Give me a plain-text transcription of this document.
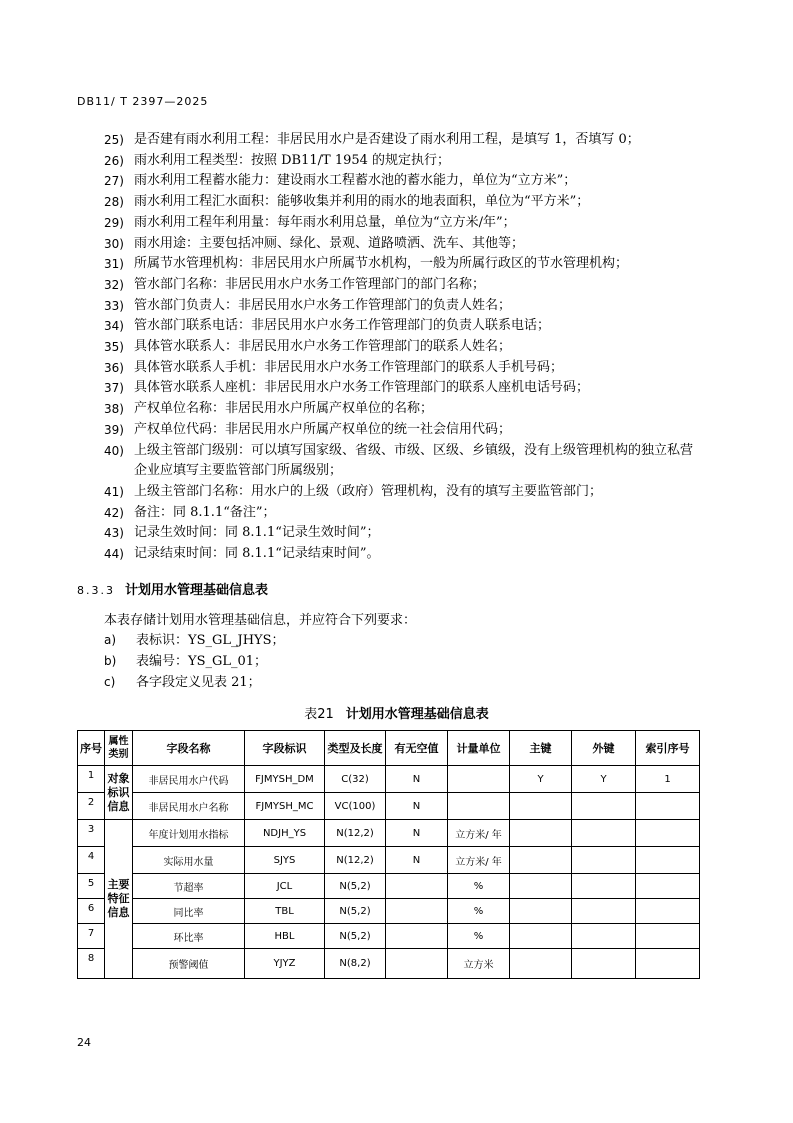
DB11/ T 2397—2025
25) 是否建有雨水利用工程：非居民用水户是否建设了雨水利用工程，是填写 1，否填写 0；
26) 雨水利用工程类型：按照 DB11/T 1954 的规定执行；
27) 雨水利用工程蓄水能力：建设雨水工程蓄水池的蓄水能力，单位为“立方米”；
28) 雨水利用工程汇水面积：能够收集并利用的雨水的地表面积，单位为“平方米”；
29) 雨水利用工程年利用量：每年雨水利用总量，单位为“立方米/年”；
30) 雨水用途：主要包括冲厕、绿化、景观、道路喷洒、洗车、其他等；
31) 所属节水管理机构：非居民用水户所属节水机构，一般为所属行政区的节水管理机构；
32) 管水部门名称：非居民用水户水务工作管理部门的部门名称；
33) 管水部门负责人：非居民用水户水务工作管理部门的负责人姓名；
34) 管水部门联系电话：非居民用水户水务工作管理部门的负责人联系电话；
35) 具体管水联系人：非居民用水户水务工作管理部门的联系人姓名；
36) 具体管水联系人手机：非居民用水户水务工作管理部门的联系人手机号码；
37) 具体管水联系人座机：非居民用水户水务工作管理部门的联系人座机电话号码；
38) 产权单位名称：非居民用水户所属产权单位的名称；
39) 产权单位代码：非居民用水户所属产权单位的统一社会信用代码；
40) 上级主管部门级别：可以填写国家级、省级、市级、区级、乡镇级，没有上级管理机构的独立私营企业应填写主要监管部门所属级别；
41) 上级主管部门名称：用水户的上级（政府）管理机构，没有的填写主要监管部门；
42) 备注：同 8.1.1“备注”；
43) 记录生效时间：同 8.1.1“记录生效时间”；
44) 记录结束时间：同 8.1.1“记录结束时间”。
8.3.3 计划用水管理基础信息表
本表存储计划用水管理基础信息，并应符合下列要求：
a)	表标识：YS_GL_JHYS；
b)	表编号：YS_GL_01；
c)	各字段定义见表 21；
表21 计划用水管理基础信息表
序号	属性类别	字段名称	字段标识	类型及长度	有无空值	计量单位	主键	外键	索引序号
1	对象标识信息	非居民用水户代码	FJMYSH_DM	C(32)	N		Y	Y	1
2		非居民用水户名称	FJMYSH_MC	VC(100)	N				
3	主要特征信息	年度计划用水指标	NDJH_YS	N(12,2)	N	立方米/ 年			
4		实际用水量	SJYS	N(12,2)	N	立方米/ 年			
5		节超率	JCL	N(5,2)		%			
6		同比率	TBL	N(5,2)		%			
7		环比率	HBL	N(5,2)		%			
8		预警阈值	YJYZ	N(8,2)		立方米			
24
